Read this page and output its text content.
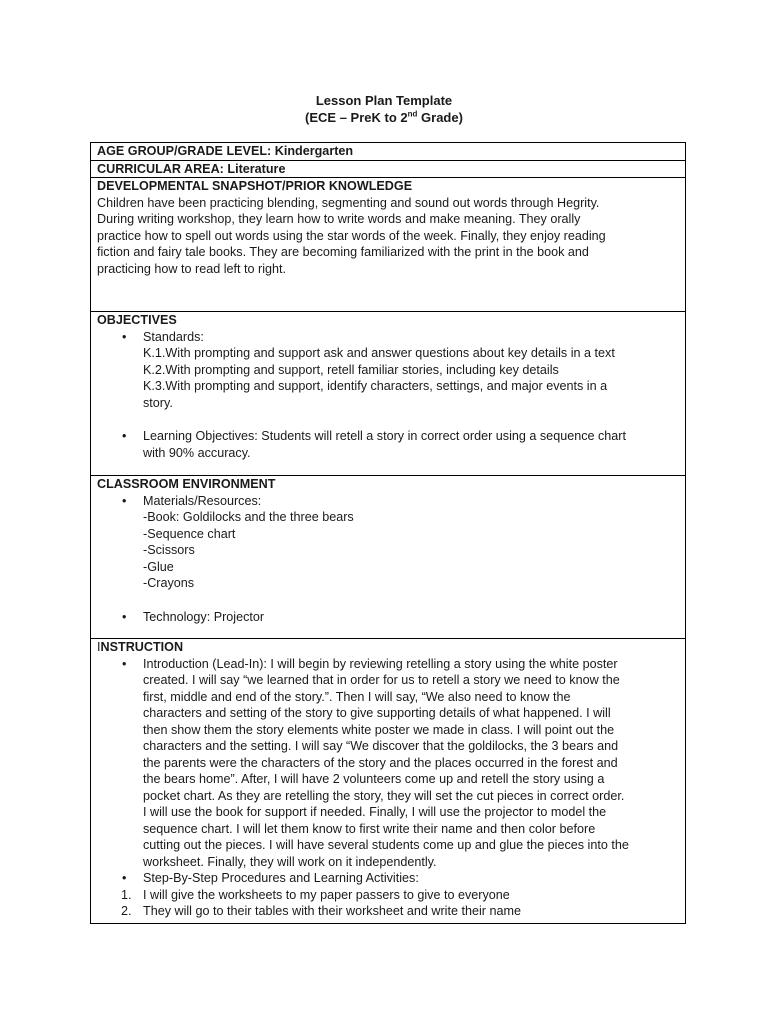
Lesson Plan Template
(ECE – PreK to 2nd Grade)
AGE GROUP/GRADE LEVEL: Kindergarten
CURRICULAR AREA: Literature

DEVELOPMENTAL SNAPSHOT/PRIOR KNOWLEDGE
Children have been practicing blending, segmenting and sound out words through Hegrity.
During writing workshop, they learn how to write words and make meaning. They orally
practice how to spell out words using the star words of the week. Finally, they enjoy reading
fiction and fairy tale books. They are becoming familiarized with the print in the book and
practicing how to read left to right.

OBJECTIVES
• Standards:
K.1.With prompting and support ask and answer questions about key details in a text
K.2.With prompting and support, retell familiar stories, including key details
K.3.With prompting and support, identify characters, settings, and major events in a
story.
• Learning Objectives: Students will retell a story in correct order using a sequence chart
with 90% accuracy.

CLASSROOM ENVIRONMENT
• Materials/Resources:
-Book: Goldilocks and the three bears
-Sequence chart
-Scissors
-Glue
-Crayons
• Technology: Projector

INSTRUCTION
• Introduction (Lead-In): I will begin by reviewing retelling a story using the white poster
created. I will say “we learned that in order for us to retell a story we need to know the
first, middle and end of the story.”. Then I will say, “We also need to know the
characters and setting of the story to give supporting details of what happened. I will
then show them the story elements white poster we made in class. I will point out the
characters and the setting. I will say “We discover that the goldilocks, the 3 bears and
the parents were the characters of the story and the places occurred in the forest and
the bears home”. After, I will have 2 volunteers come up and retell the story using a
pocket chart. As they are retelling the story, they will set the cut pieces in correct order.
I will use the book for support if needed. Finally, I will use the projector to model the
sequence chart. I will let them know to first write their name and then color before
cutting out the pieces. I will have several students come up and glue the pieces into the
worksheet. Finally, they will work on it independently.
• Step-By-Step Procedures and Learning Activities:
1. I will give the worksheets to my paper passers to give to everyone
2. They will go to their tables with their worksheet and write their name
